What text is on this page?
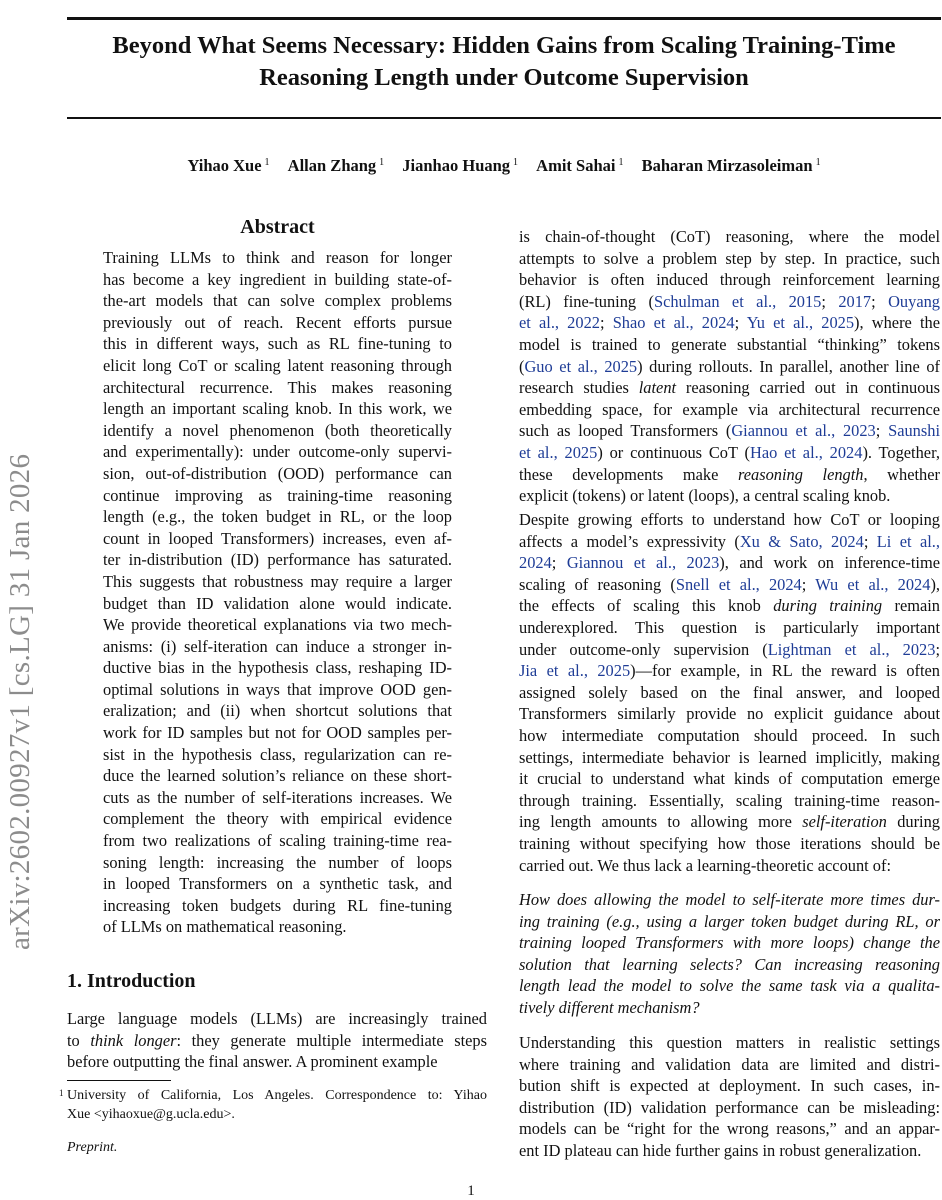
Beyond What Seems Necessary: Hidden Gains from Scaling Training-Time
Reasoning Length under Outcome Supervision
Yihao Xue $^1$ Allan Zhang $^1$ Jianhao Huang $^1$ Amit Sahai $^1$ Baharan Mirzasoleiman $^1$
arXiv:2602.00927v1 [cs.LG] 31 Jan 2026
Abstract
Training LLMs to think and reason for longer
has become a key ingredient in building state-of-
the-art models that can solve complex problems
previously out of reach. Recent efforts pursue
this in different ways, such as RL fine-tuning to
elicit long CoT or scaling latent reasoning through
architectural recurrence. This makes reasoning
length an important scaling knob. In this work, we
identify a novel phenomenon (both theoretically
and experimentally): under outcome-only supervi-
sion, out-of-distribution (OOD) performance can
continue improving as training-time reasoning
length (e.g., the token budget in RL, or the loop
count in looped Transformers) increases, even af-
ter in-distribution (ID) performance has saturated.
This suggests that robustness may require a larger
budget than ID validation alone would indicate.
We provide theoretical explanations via two mech-
anisms: (i) self-iteration can induce a stronger in-
ductive bias in the hypothesis class, reshaping ID-
optimal solutions in ways that improve OOD gen-
eralization; and (ii) when shortcut solutions that
work for ID samples but not for OOD samples per-
sist in the hypothesis class, regularization can re-
duce the learned solution’s reliance on these short-
cuts as the number of self-iterations increases. We
complement the theory with empirical evidence
from two realizations of scaling training-time rea-
soning length: increasing the number of loops
in looped Transformers on a synthetic task, and
increasing token budgets during RL fine-tuning
of LLMs on mathematical reasoning.
1. Introduction
Large language models (LLMs) are increasingly trained
to think longer: they generate multiple intermediate steps
before outputting the final answer. A prominent example
1 University of California, Los Angeles. Correspondence to: Yihao
Xue <yihaoxue@g.ucla.edu>.
Preprint.
is chain-of-thought (CoT) reasoning, where the model
attempts to solve a problem step by step. In practice, such
behavior is often induced through reinforcement learning
(RL) fine-tuning (Schulman et al., 2015; 2017; Ouyang
et al., 2022; Shao et al., 2024; Yu et al., 2025), where the
model is trained to generate substantial “thinking” tokens
(Guo et al., 2025) during rollouts. In parallel, another line of
research studies latent reasoning carried out in continuous
embedding space, for example via architectural recurrence
such as looped Transformers (Giannou et al., 2023; Saunshi
et al., 2025) or continuous CoT (Hao et al., 2024). Together,
these developments make reasoning length, whether
explicit (tokens) or latent (loops), a central scaling knob.
Despite growing efforts to understand how CoT or looping
affects a model’s expressivity (Xu & Sato, 2024; Li et al.,
2024; Giannou et al., 2023), and work on inference-time
scaling of reasoning (Snell et al., 2024; Wu et al., 2024),
the effects of scaling this knob during training remain
underexplored. This question is particularly important
under outcome-only supervision (Lightman et al., 2023;
Jia et al., 2025)—for example, in RL the reward is often
assigned solely based on the final answer, and looped
Transformers similarly provide no explicit guidance about
how intermediate computation should proceed. In such
settings, intermediate behavior is learned implicitly, making
it crucial to understand what kinds of computation emerge
through training. Essentially, scaling training-time reason-
ing length amounts to allowing more self-iteration during
training without specifying how those iterations should be
carried out. We thus lack a learning-theoretic account of:
How does allowing the model to self-iterate more times dur-
ing training (e.g., using a larger token budget during RL, or
training looped Transformers with more loops) change the
solution that learning selects? Can increasing reasoning
length lead the model to solve the same task via a qualita-
tively different mechanism?
Understanding this question matters in realistic settings
where training and validation data are limited and distri-
bution shift is expected at deployment. In such cases, in-
distribution (ID) validation performance can be misleading:
models can be “right for the wrong reasons,” and an appar-
ent ID plateau can hide further gains in robust generalization.
1
